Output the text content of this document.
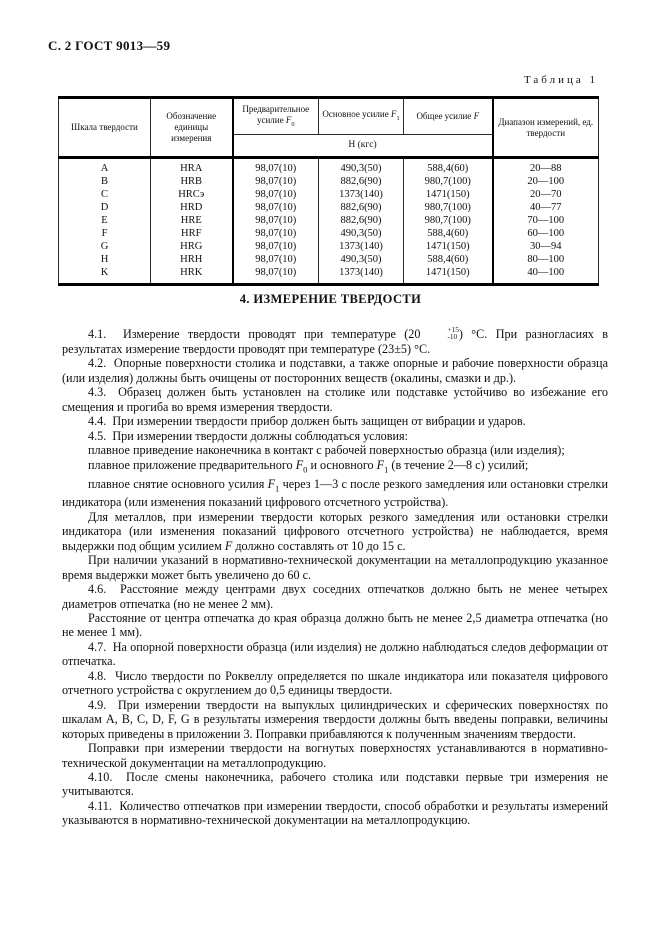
С. 2 ГОСТ 9013—59
Таблица 1
Шкала твердости	Обозначение единицы измерения	Предварительное усилие $F_0$	Основное усилие $F_1$	Общее усилие F	Диапазон измерений, ед. твердости
		Н (кгс)			
A	HRA	98,07(10)	490,3(50)	588,4(60)	20—88
B	HRB	98,07(10)	882,6(90)	980,7(100)	20—100
C	HRCэ	98,07(10)	1373(140)	1471(150)	20—70
D	HRD	98,07(10)	882,6(90)	980,7(100)	40—77
E	HRE	98,07(10)	882,6(90)	980,7(100)	70—100
F	HRF	98,07(10)	490,3(50)	588,4(60)	60—100
G	HRG	98,07(10)	1373(140)	1471(150)	30—94
H	HRH	98,07(10)	490,3(50)	588,4(60)	80—100
K	HRK	98,07(10)	1373(140)	1471(150)	40—100
4. ИЗМЕРЕНИЕ ТВЕРДОСТИ

4.1.  Измерение твердости проводят при температуре (20	+15
-10 ) °С. При разногласиях в результатах измерение твердости проводят при температуре (23±5) °С.

4.2.  Опорные поверхности столика и подставки, а также опорные и рабочие поверхности образца (или изделия) должны быть очищены от посторонних веществ (окалины, смазки и др.).

4.3.  Образец должен быть установлен на столике или подставке устойчиво во избежание его смещения и прогиба во время измерения твердости.

4.4.  При измерении твердости прибор должен быть защищен от вибрации и ударов.

4.5.  При измерении твердости должны соблюдаться условия:

плавное приведение наконечника в контакт с рабочей поверхностью образца (или изделия);

плавное приложение предварительного $F_0$ и основного $F_1$ (в течение 2—8 с) усилий;

плавное снятие основного усилия $F_1$ через 1—3 с после резкого замедления или остановки стрелки индикатора (или изменения показаний цифрового отсчетного устройства).

Для металлов, при измерении твердости которых резкого замедления или остановки стрелки индикатора (или изменения показаний цифрового отсчетного устройства) не наблюдается, время выдержки под общим усилием F должно составлять от 10 до 15 с.

При наличии указаний в нормативно-технической документации на металлопродукцию указанное время выдержки может быть увеличено до 60 с.

4.6.  Расстояние между центрами двух соседних отпечатков должно быть не менее четырех диаметров отпечатка (но не менее 2 мм).

Расстояние от центра отпечатка до края образца должно быть не менее 2,5 диаметра отпечатка (но не менее 1 мм).

4.7.  На опорной поверхности образца (или изделия) не должно наблюдаться следов деформации от отпечатка.

4.8.  Число твердости по Роквеллу определяется по шкале индикатора или показателя цифрового отчетного устройства с округлением до 0,5 единицы твердости.

4.9.  При измерении твердости на выпуклых цилиндрических и сферических поверхностях по шкалам A, B, C, D, F, G в результаты измерения твердости должны быть введены поправки, величины которых приведены в приложении 3. Поправки прибавляются к полученным значениям твердости.

Поправки при измерении твердости на вогнутых поверхностях устанавливаются в нормативно-технической документации на металлопродукцию.

4.10.  После смены наконечника, рабочего столика или подставки первые три измерения не учитываются.

4.11.  Количество отпечатков при измерении твердости, способ обработки и результаты измерений указываются в нормативно-технической документации на металлопродукцию.
